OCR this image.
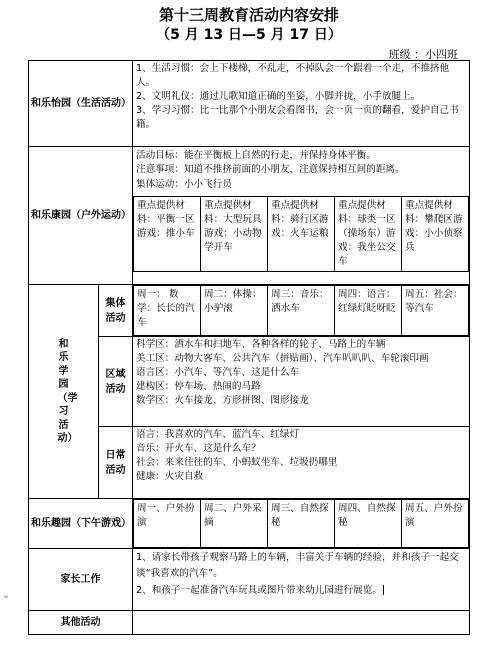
第十三周教育活动内容安排
（5 月 13 日—5 月 17 日）
班级 ：小四班
和乐怡园（生活活动）	
1、生活习惯：会上下楼梯，不乱走，不掉队会一个跟着一个走，不推挤他人。
2、文明礼仪：通过儿歌知道正确的坐姿，小脚并拢，小手放腿上。
3、学习习惯：比一比那个小朋友会看图书，会一页一页的翻看，爱护自己书籍。

和乐康园（户外运动）	
活动目标：能在平衡板上自然的行走，并保持身体平衡。
注意事项：知道不推挤前面的小朋友，注意保持相互间的距离。
集体运动：小小飞行员
重点提供材料：平衡一区游戏：推小车	重点提供材料：大型玩具游戏：小动物学开车	重点提供材料：骑行区游戏：火车运粮	重点提供材料：球类一区（操场东）游戏：我坐公交车	重点提供材料：攀爬区游戏：小小侦察兵

和乐学园（学习活动）	集体活动	
周一： 数学：长长的汽车	周二：体操：小驴滚	周三：音乐：洒水车	周四：语言：红绿灯眨呀眨	周五：社会：等汽车

区域活动	
科学区：洒水车和扫地车、各种各样的轮子、马路上的车辆
美工区：动物大客车、公共汽车（拼贴画）、汽车叭叭叭、车轮滚印画
语言区：小汽车、等汽车、这是什么车
建构区：停车场、热闹的马路
数学区：火车接龙、方形拼图、图形接龙

日常活动	
语言：我喜欢的汽车、蓝汽车、红绿灯
音乐：开火车、这是什么车？
社会：来来往往的车、小蚂蚁坐车、垃圾扔哪里
健康：火灾自救

和乐趣园（下午游戏）	
周一、户外扮演	周二、户外采摘	周三、自然探秘	周四、自然探秘	周五、户外扮演

家长工作	
1、请家长带孩子观察马路上的车辆，丰富关于车辆的经验，并和孩子一起交谈“我喜欢的汽车”。
2、和孩子一起准备汽车玩具或图片带来幼儿园进行展览。

其他活动	
⌄
